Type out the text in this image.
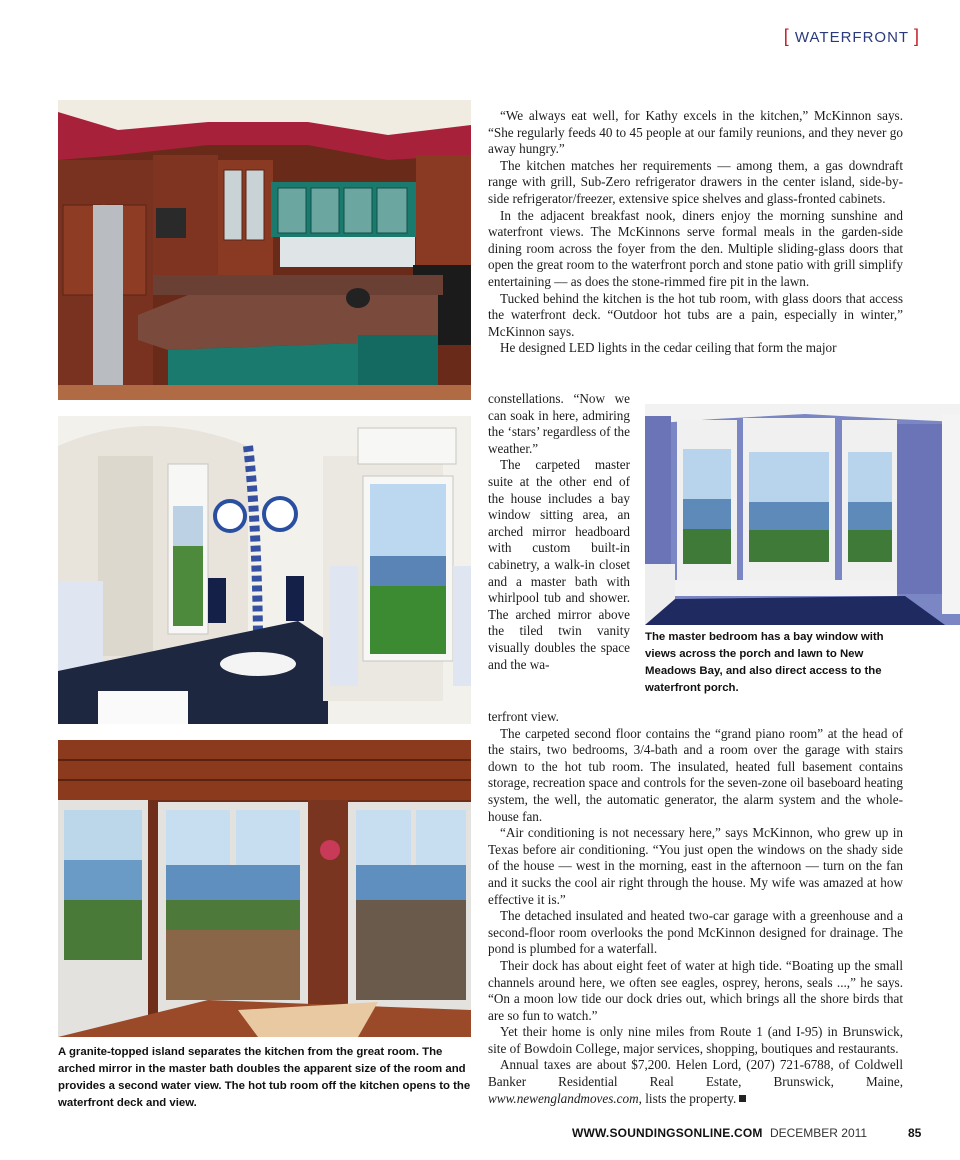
[ WATERFRONT ]

“We always eat well, for Kathy excels in the kitchen,” McKinnon says. “She regularly feeds 40 to 45 people at our family reunions, and they never go away hungry.”

The kitchen matches her requirements — among them, a gas downdraft range with grill, Sub-Zero refrigerator drawers in the center island, side-by-side refrigerator/freezer, extensive spice shelves and glass-fronted cabinets.

In the adjacent breakfast nook, diners enjoy the morning sunshine and waterfront views. The McKinnons serve formal meals in the garden-side dining room across the foyer from the den. Multiple sliding-glass doors that open the great room to the waterfront porch and stone patio with grill simplify entertaining — as does the stone-rimmed fire pit in the lawn.

Tucked behind the kitchen is the hot tub room, with glass doors that access the waterfront deck. “Outdoor hot tubs are a pain, especially in winter,” McKinnon says.

He designed LED lights in the cedar ceiling that form the major

constellations. “Now we can soak in here, admiring the ‘stars’ regardless of the weather.”

The carpeted master suite at the other end of the house includes a bay window sitting area, an arched mirror headboard with custom built-in cabinetry, a walk-in closet and a master bath with whirlpool tub and shower. The arched mirror above the tiled twin vanity visually doubles the space and the wa-

terfront view.

The carpeted second floor contains the “grand piano room” at the head of the stairs, two bedrooms, 3/4-bath and a room over the garage with stairs down to the hot tub room. The insulated, heated full basement contains storage, recreation space and controls for the seven-zone oil baseboard heating system, the well, the automatic generator, the alarm system and the whole-house fan.

“Air conditioning is not necessary here,” says McKinnon, who grew up in Texas before air conditioning. “You just open the windows on the shady side of the house — west in the morning, east in the afternoon — turn on the fan and it sucks the cool air right through the house. My wife was amazed at how effective it is.”

The detached insulated and heated two-car garage with a greenhouse and a second-floor room overlooks the pond McKinnon designed for drainage. The pond is plumbed for a waterfall.

Their dock has about eight feet of water at high tide. “Boating up the small channels around here, we often see eagles, osprey, herons, seals ...,” he says. “On a moon low tide our dock dries out, which brings all the shore birds that are so fun to watch.”

Yet their home is only nine miles from Route 1 (and I-95) in Brunswick, site of Bowdoin College, major services, shopping, boutiques and restaurants.

Annual taxes are about $7,200. Helen Lord, (207) 721-6788, of Coldwell Banker Residential Real Estate, Brunswick, Maine, www.newenglandmoves.com, lists the property.

The master bedroom has a bay window with views across the porch and lawn to New Meadows Bay, and also direct access to the waterfront porch.
A granite-topped island separates the kitchen from the great room. The arched mirror in the master bath doubles the apparent size of the room and provides a second water view. The hot tub room off the kitchen opens to the waterfront deck and view.
WWW.SOUNDINGSONLINE.COM DECEMBER 2011	85
